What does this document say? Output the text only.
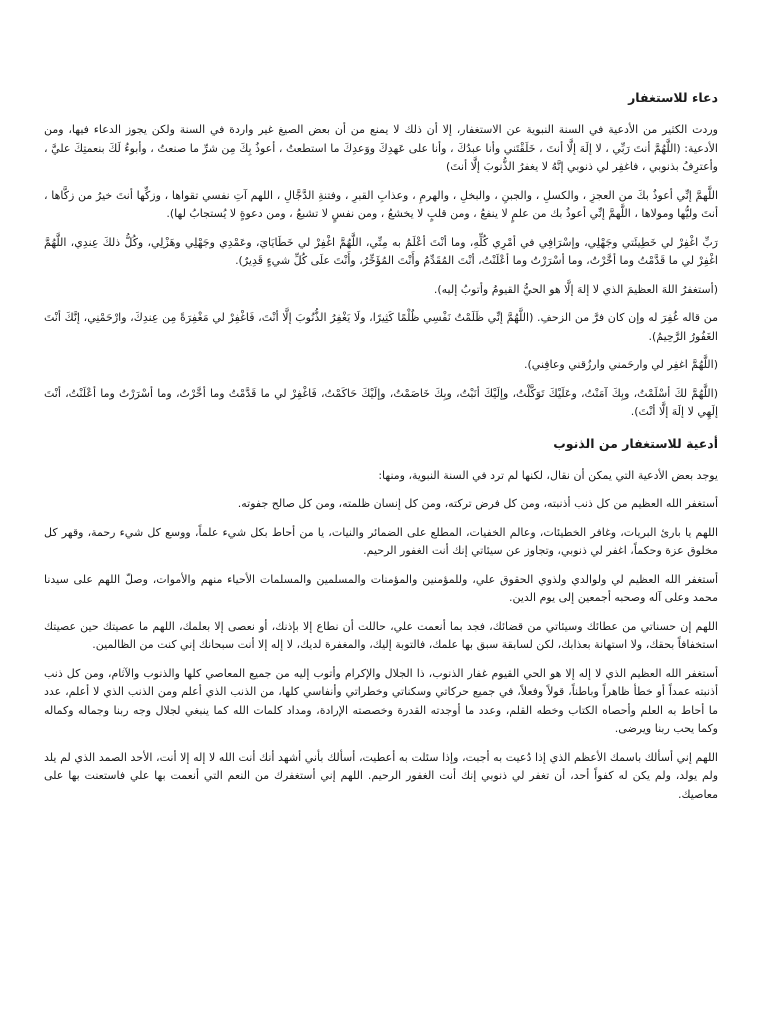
دعاء للاستغفار

وردت الكثير من الأدعية في السنة النبوية عن الاستغفار، إلا أن ذلك لا يمنع من أن بعض الصيغ غير واردة في السنة ولكن يجوز الدعاء فيها، ومن الأدعية: (اللَّهُمَّ أنتَ رَبِّي ، لا إلَهَ إلَّا أنتَ ، خَلَقْتَني وأنا عبدُكَ ، وأنا على عَهدِكَ ووَعدِكَ ما استطعتُ ، أعوذُ بِكَ مِن شرِّ ما صنعتُ ، وأبوءُ لَكَ بنعمتِكَ عليَّ ، وأعترِفُ بذنوبي ، فاغفِر لي ذنوبي إنَّهُ لا يغفرُ الذُّنوبَ إلَّا أنتَ)

اللَّهمَّ إنِّي أعوذُ بكَ من العجزِ ، والكسلِ ، والجبنِ ، والبخلِ ، والهرمِ ، وعذابِ القبرِ ، وفتنةِ الدَّجَّالِ ، اللهم آتِ نفسي تقواها ، وزكِّها أنتَ خيرُ من زكَّاها ، أنتَ وليُّها ومولاها ، اللَّهمَّ إنِّي أعوذُ بك من علمٍ لا ينفعُ ، ومن قلبٍ لا يخشعُ ، ومن نفسٍ لا تشبعُ ، ومن دعوةٍ لا يُستجابُ لها).

رَبِّ اغْفِرْ لي خَطِيئَتي وجَهْلِي، وإسْرَافِي في أمْرِي كُلِّهِ، وما أنْتَ أعْلَمُ به مِنِّي، اللَّهُمَّ اغْفِرْ لي خَطَايَايَ، وعَمْدِي وجَهْلِي وهَزْلِي، وكُلُّ ذلكَ عِندِي، اللَّهُمَّ اغْفِرْ لي ما قَدَّمْتُ وما أخَّرْتُ، وما أسْرَرْتُ وما أعْلَنْتُ، أنْتَ المُقَدِّمُ وأَنْتَ المُؤَخِّرُ، وأَنْتَ علَى كُلِّ شيءٍ قَدِيرٌ).

(أستغفرُ اللهَ العظيمَ الذي لا إلهَ إلَّا هو الحيُّ القيومُ وأتوبُ إليه).

من قاله غُفِرَ له وإن كان فرَّ من الزحفِ. (اللَّهُمَّ إنِّي ظَلَمْتُ نَفْسِي ظُلْمًا كَثِيرًا، ولَا يَغْفِرُ الذُّنُوبَ إلَّا أنْتَ، فَاغْفِرْ لي مَغْفِرَةً مِن عِندِكَ، وارْحَمْنِي، إنَّكَ أنْتَ الغَفُورُ الرَّحِيمُ).

(اللَّهُمَّ اغفِر لي وارحَمني وارزُقني وعافِني).

(اللَّهُمَّ لكَ أسْلَمْتُ، وبِكَ آمَنْتُ، وعَلَيْكَ تَوَكَّلْتُ، وإلَيْكَ أنَبْتُ، وبِكَ خَاصَمْتُ، وإلَيْكَ حَاكَمْتُ، فَاغْفِرْ لي ما قَدَّمْتُ وما أخَّرْتُ، وما أسْرَرْتُ وما أعْلَنْتُ، أنْتَ إلَهِي لا إلَهَ إلَّا أنْتَ).

أدعية للاستغفار من الذنوب

يوجد بعض الأدعية التي يمكن أن نقال، لكنها لم ترد في السنة النبوية، ومنها:

أستغفر الله العظيم من كل ذنب أذنبته، ومن كل فرض تركته، ومن كل إنسان ظلمته، ومن كل صالح جفوته.

اللهم يا بارئ البريات، وغافر الخطيئات، وعالم الخفيات، المطلع على الضمائر والنيات، يا من أحاط بكل شيء علماً، ووسع كل شيء رحمة، وقهر كل مخلوق عزة وحكماً، اغفر لي ذنوبي، وتجاوز عن سيئاتي إنك أنت الغفور الرحيم.

أستغفر الله العظيم لي ولوالدي ولذوي الحقوق علي، وللمؤمنين والمؤمنات والمسلمين والمسلمات الأحياء منهم والأموات، وصلّ اللهم على سيدنا محمد وعلى آله وصحبه أجمعين إلى يوم الدين.

اللهم إن حسناتي من عطائك وسيئاتي من قضائك، فجد بما أنعمت علي، حاللت أن نطاع إلا بإذنك، أو نعصى إلا بعلمك، اللهم ما عصيتك حين عصيتك استخفافاً بحقك، ولا استهانة بعذابك، لكن لسابقة سبق بها علمك، فالتوبة إليك، والمغفرة لديك، لا إله إلا أنت سبحانك إني كنت من الظالمين.

أستغفر الله العظيم الذي لا إله إلا هو الحي القيوم غفار الذنوب، ذا الجلال والإكرام وأتوب إليه من جميع المعاصي كلها والذنوب والآثام، ومن كل ذنب أذنبته عمداً أو خطأ ظاهراً وباطناً، قولاً وفعلاً، في جميع حركاتي وسكناتي وخطراتي وأنفاسي كلها، من الذنب الذي أعلم ومن الذنب الذي لا أعلم، عدد ما أحاط به العلم وأحصاه الكتاب وخطه القلم، وعدد ما أوجدته القدرة وخصصته الإرادة، ومداد كلمات الله كما ينبغي لجلال وجه ربنا وجماله وكماله وكما يحب ربنا ويرضى.

اللهم إني أسألك باسمك الأعظم الذي إذا دُعيت به أجبت، وإذا سئلت به أعطيت، أسألك بأني أشهد أنك أنت الله لا إله إلا أنت، الأحد الصمد الذي لم يلد ولم يولد، ولم يكن له كفواً أحد، أن تغفر لي ذنوبي إنك أنت الغفور الرحيم. اللهم إني أستغفرك من النعم التي أنعمت بها علي فاستعنت بها على معاصيك.
